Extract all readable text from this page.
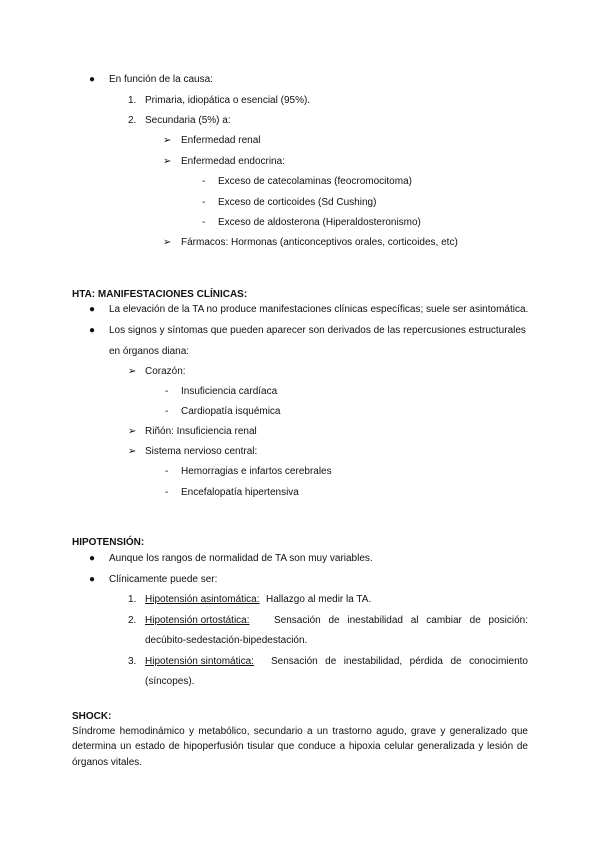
● En función de la causa:
1. Primaria, idiopática o esencial (95%).
2. Secundaria (5%) a:
➢ Enfermedad renal
➢ Enfermedad endocrina:
- Exceso de catecolaminas (feocromocitoma)
- Exceso de corticoides (Sd Cushing)
- Exceso de aldosterona (Hiperaldosteronismo)
➢ Fármacos: Hormonas (anticonceptivos orales, corticoides, etc)
HTA: MANIFESTACIONES CLÍNICAS:
● La elevación de la TA no produce manifestaciones clínicas específicas; suele ser asintomática.
● Los signos y síntomas que pueden aparecer son derivados de las repercusiones estructurales
en órganos diana:
➢ Corazón:
- Insuficiencia cardíaca
- Cardiopatía isquémica
➢ Riñón: Insuficiencia renal
➢ Sistema nervioso central:
- Hemorragias e infartos cerebrales
- Encefalopatía hipertensiva
HIPOTENSIÓN:
● Aunque los rangos de normalidad de TA son muy variables.
● Clínicamente puede ser:
1. Hipotensión asintomática: Hallazgo al medir la TA.
2. Hipotensión ortostática: Sensación de inestabilidad al cambiar de posición:
decúbito-sedestación-bipedestación.
3. Hipotensión sintomática: Sensación de inestabilidad, pérdida de conocimiento
(síncopes).
SHOCK:
Síndrome hemodinámico y metabólico, secundario a un trastorno agudo, grave y generalizado que
determina un estado de hipoperfusión tisular que conduce a hipoxia celular generalizada y lesión de
órganos vitales.
